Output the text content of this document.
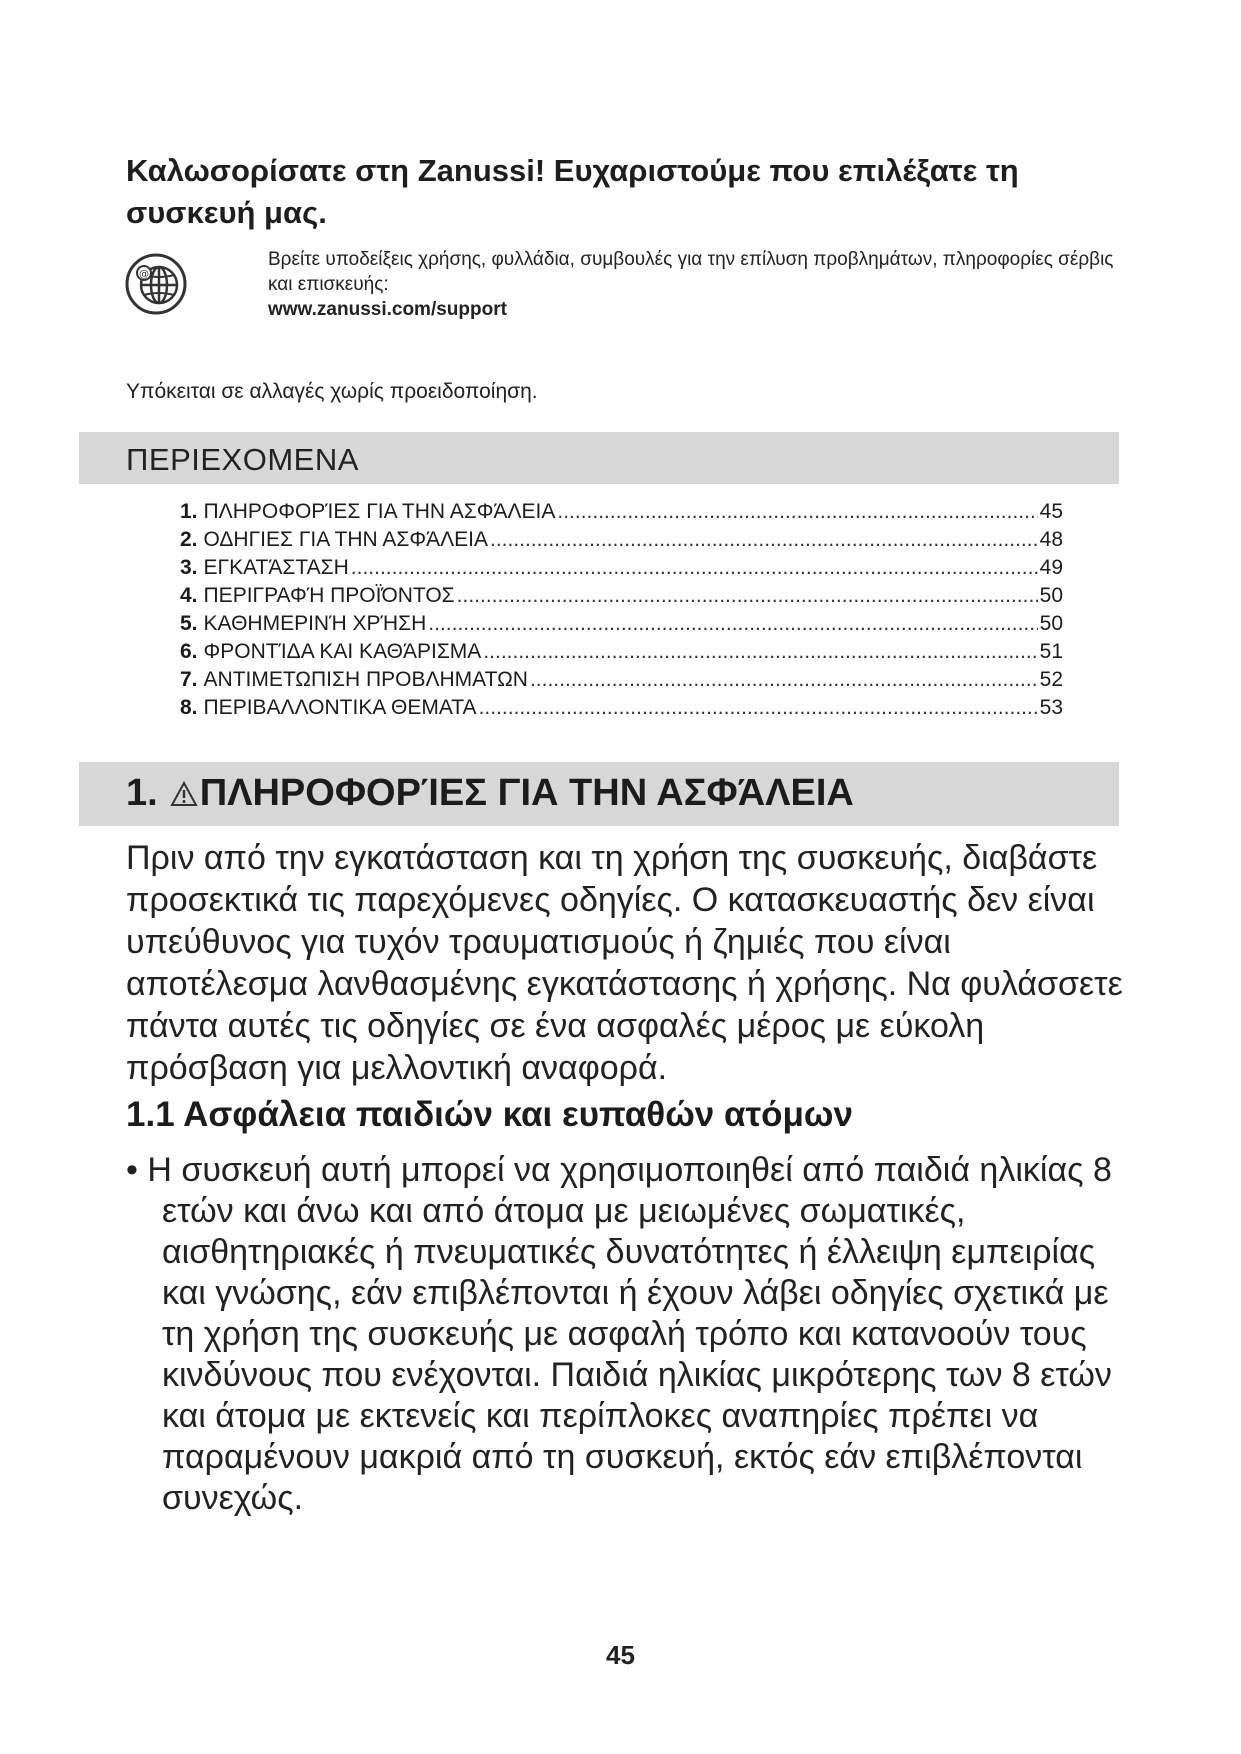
Καλωσορίσατε στη Zanussi! Ευχαριστούμε που επιλέξατε τη συσκευή μας.
@
Βρείτε υποδείξεις χρήσης, φυλλάδια, συμβουλές για την επίλυση προβλημάτων, πληροφορίες σέρβις και επισκευής:
www.zanussi.com/support
Υπόκειται σε αλλαγές χωρίς προειδοποίηση.
ΠΕΡΙΕΧΟΜΕΝΑ
1. ΠΛΗΡΟΦΟΡΊΕΣ ΓΙΑ ΤΗΝ ΑΣΦΆΛΕΙΑ .....	45
2. ΟΔΗΓΙΕΣ ΓΙΑ ΤΗΝ ΑΣΦΆΛΕΙΑ .....	48
3. ΕΓΚΑΤΆΣΤΑΣΗ .....	49
4. ΠΕΡΙΓΡΑΦΉ ΠΡΟΪΌΝΤΟΣ .....	50
5. ΚΑΘΗΜΕΡΙΝΉ ΧΡΉΣΗ .....	50
6. ΦΡΟΝΤΊΔΑ ΚΑΙ ΚΑΘΆΡΙΣΜΑ .....	51
7. ΑΝΤΙΜΕΤΩΠΙΣΗ ΠΡΟΒΛΗΜΑΤΩΝ .....	52
8. ΠΕΡΙΒΑΛΛΟΝΤΙΚΑ ΘΕΜΑΤΑ .....	53
1. ΠΛΗΡΟΦΟΡΊΕΣ ΓΙΑ ΤΗΝ ΑΣΦΆΛΕΙΑ
Πριν από την εγκατάσταση και τη χρήση της συσκευής, διαβάστε προσεκτικά τις παρεχόμενες οδηγίες. Ο κατασκευαστής δεν είναι υπεύθυνος για τυχόν τραυματισμούς ή ζημιές που είναι αποτέλεσμα λανθασμένης εγκατάστασης ή χρήσης. Να φυλάσσετε πάντα αυτές τις οδηγίες σε ένα ασφαλές μέρος με εύκολη πρόσβαση για μελλοντική αναφορά.
1.1 Ασφάλεια παιδιών και ευπαθών ατόμων
• Η συσκευή αυτή μπορεί να χρησιμοποιηθεί από παιδιά ηλικίας 8 ετών και άνω και από άτομα με μειωμένες σωματικές, αισθητηριακές ή πνευματικές δυνατότητες ή έλλειψη εμπειρίας και γνώσης, εάν επιβλέπονται ή έχουν λάβει οδηγίες σχετικά με τη χρήση της συσκευής με ασφαλή τρόπο και κατανοούν τους κινδύνους που ενέχονται. Παιδιά ηλικίας μικρότερης των 8 ετών και άτομα με εκτενείς και περίπλοκες αναπηρίες πρέπει να παραμένουν μακριά από τη συσκευή, εκτός εάν επιβλέπονται συνεχώς.
45
